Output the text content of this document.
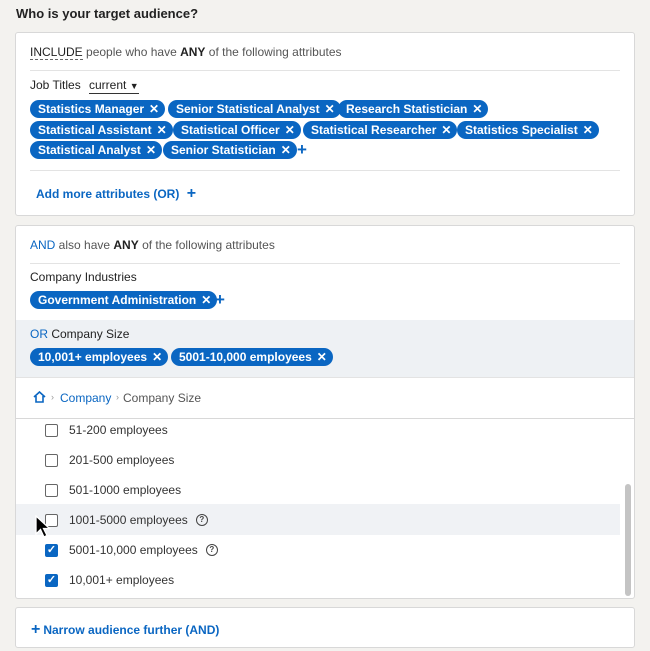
Who is your target audience?
INCLUDE people who have ANY of the following attributes
Job Titles current ▼
Statistics Manager ✕	Senior Statistical Analyst ✕ Research Statistician ✕
Statistical Assistant ✕	Statistical Officer ✕	Statistical Researcher ✕	Statistics Specialist ✕
Statistical Analyst ✕	Senior Statistician ✕ +
Add more attributes (OR) +
AND also have ANY of the following attributes
Company Industries
Government Administration ✕ +
OR Company Size
10,001+ employees ✕	5001-10,000 employees ✕
› Company › Company Size
51-200 employees
201-500 employees
501-1000 employees
1001-5000 employees	?
✓ 5001-10,000 employees	?
✓ 10,001+ employees
+ Narrow audience further (AND)
